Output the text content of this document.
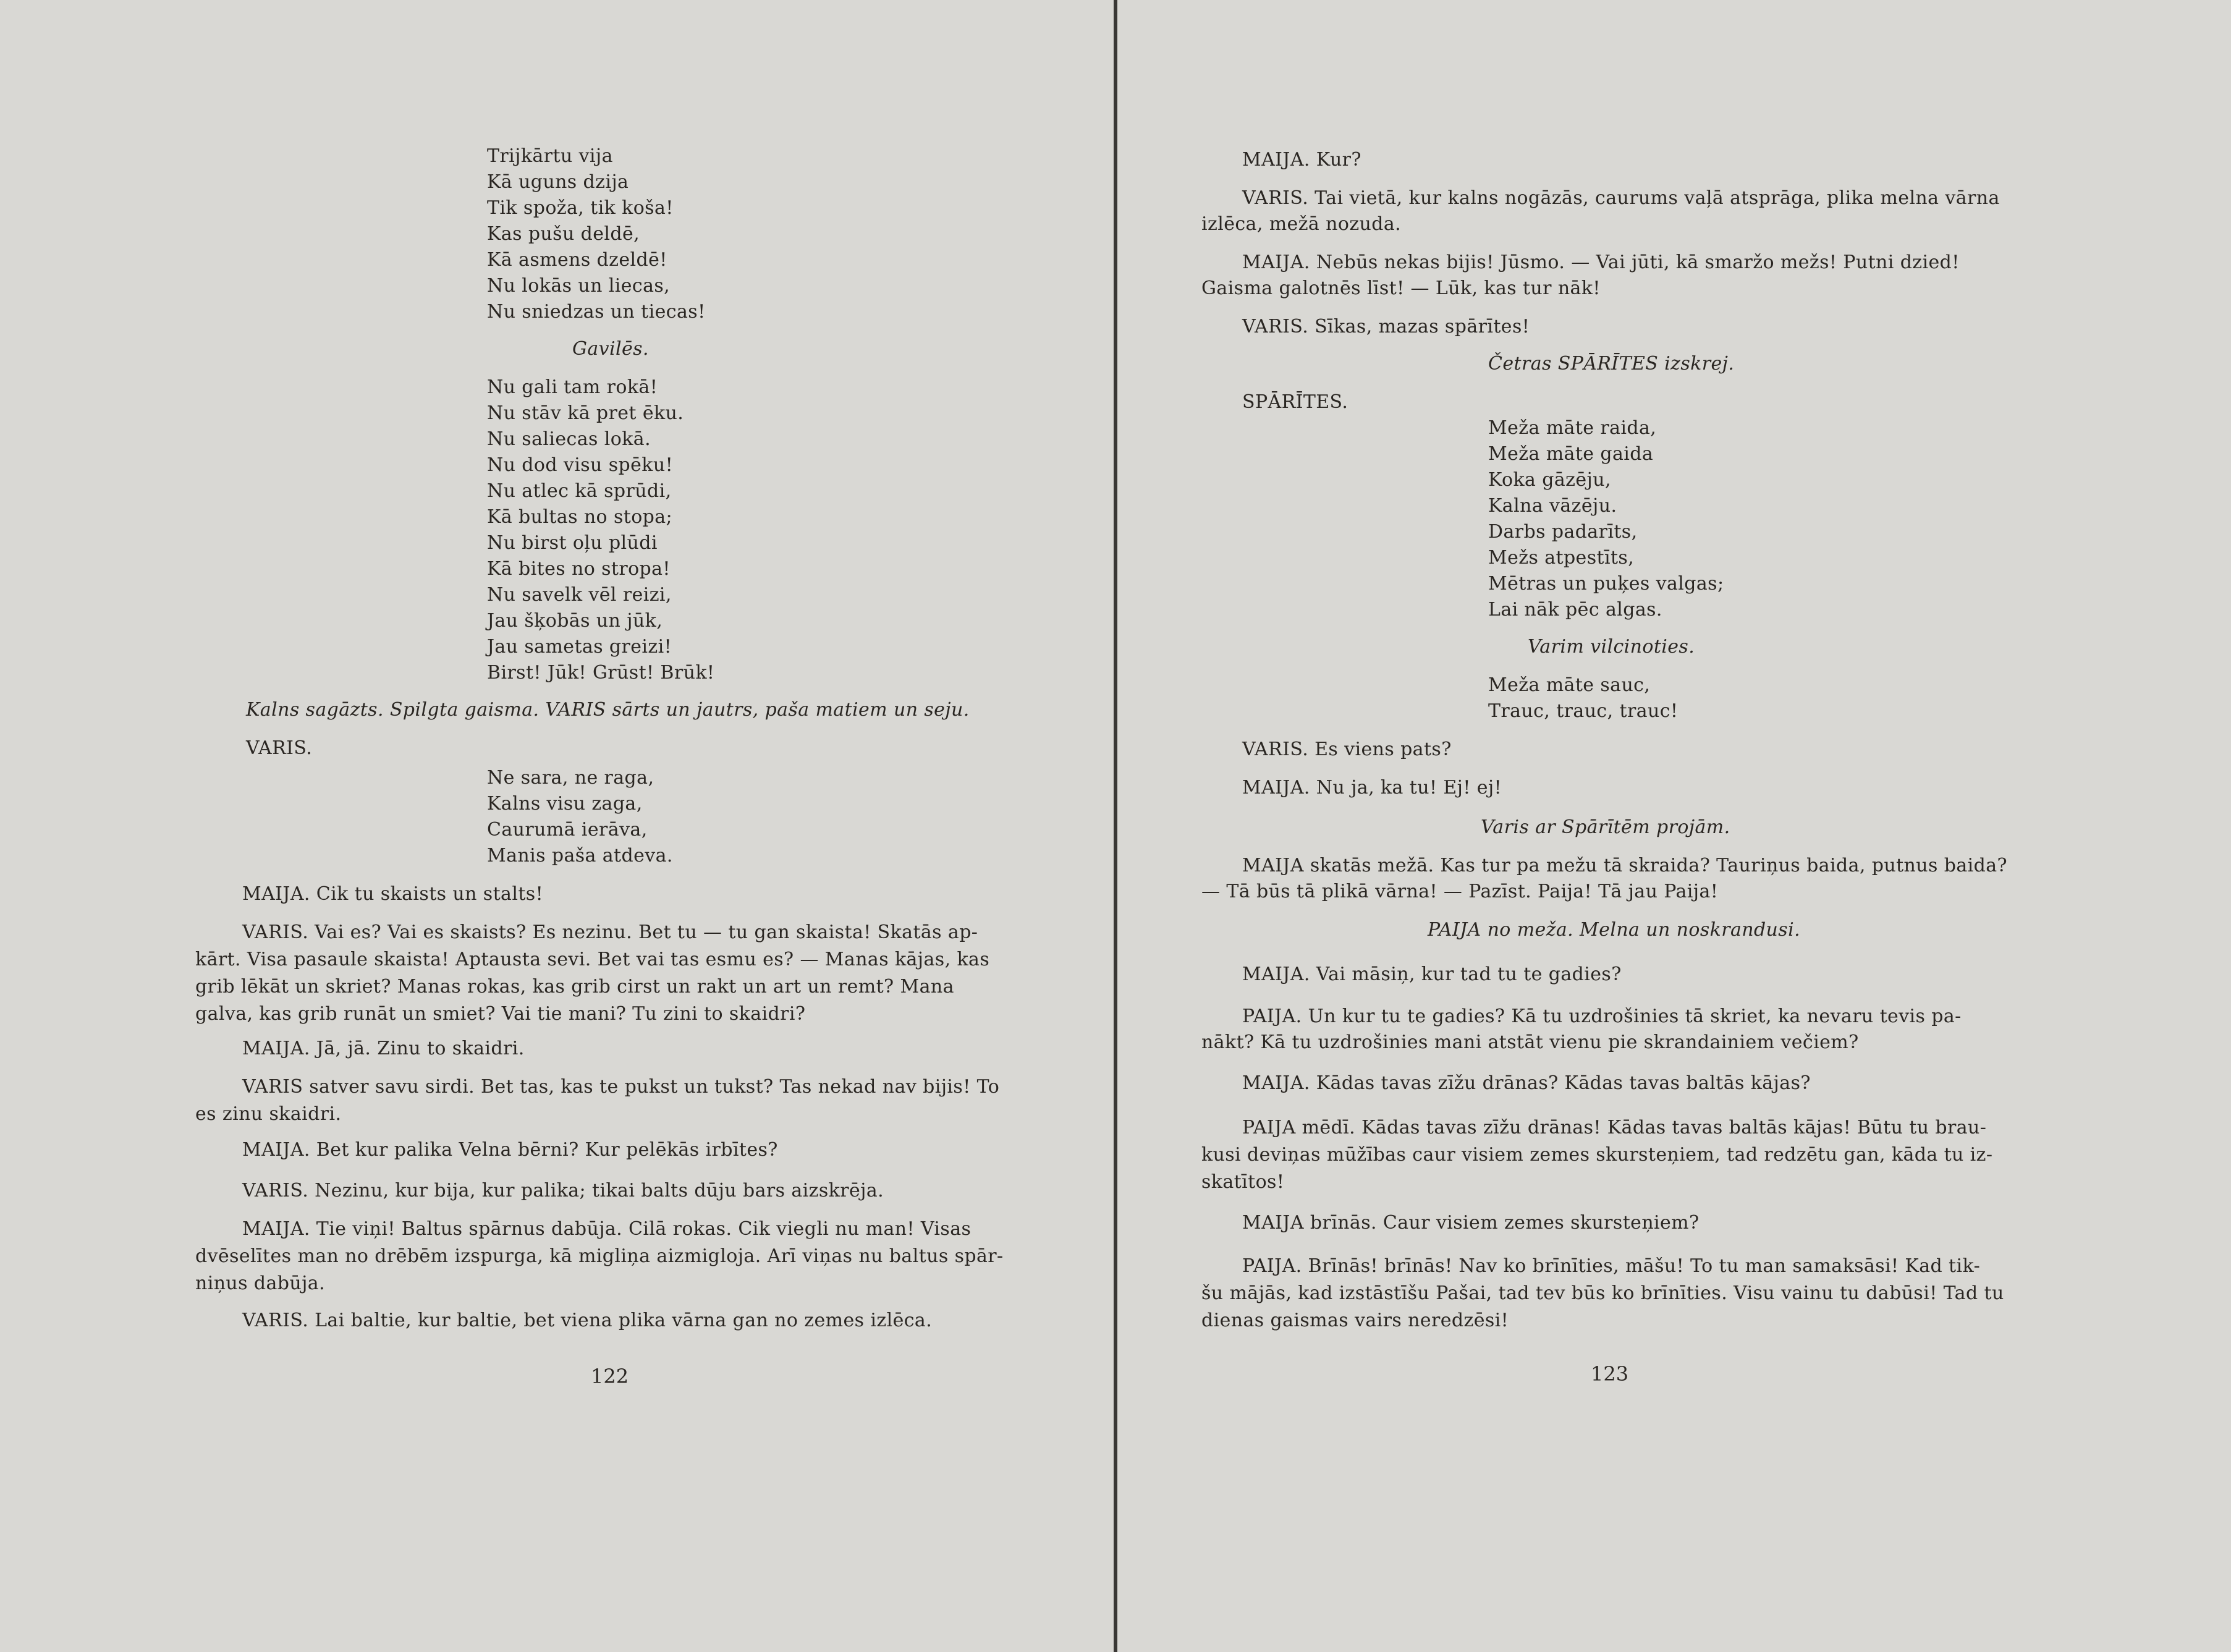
Trijkārtu vija
Kā uguns dzija
Tik spoža, tik koša!
Kas pušu deldē,
Kā asmens dzeldē!
Nu lokās un liecas,
Nu sniedzas un tiecas!
Gavilēs.
Nu gali tam rokā!
Nu stāv kā pret ēku.
Nu saliecas lokā.
Nu dod visu spēku!
Nu atlec kā sprūdi,
Kā bultas no stopa;
Nu birst oļu plūdi
Kā bites no stropa!
Nu savelk vēl reizi,
Jau šķobās un jūk,
Jau sametas greizi!
Birst! Jūk! Grūst! Brūk!
Kalns sagāzts. Spilgta gaisma. VARIS sārts un jautrs, paša matiem un seju.
VARIS.
Ne sara, ne raga,
Kalns visu zaga,
Caurumā ierāva,
Manis paša atdeva.
MAIJA. Cik tu skaists un stalts!
VARIS. Vai es? Vai es skaists? Es nezinu. Bet tu — tu gan skaista! Skatās ap-
kārt. Visa pasaule skaista! Aptausta sevi. Bet vai tas esmu es? — Manas kājas, kas
grib lēkāt un skriet? Manas rokas, kas grib cirst un rakt un art un remt? Mana
galva, kas grib runāt un smiet? Vai tie mani? Tu zini to skaidri?
MAIJA. Jā, jā. Zinu to skaidri.
VARIS satver savu sirdi. Bet tas, kas te pukst un tukst? Tas nekad nav bijis! To
es zinu skaidri.
MAIJA. Bet kur palika Velna bērni? Kur pelēkās irbītes?
VARIS. Nezinu, kur bija, kur palika; tikai balts dūju bars aizskrēja.
MAIJA. Tie viņi! Baltus spārnus dabūja. Cilā rokas. Cik viegli nu man! Visas
dvēselītes man no drēbēm izspurga, kā migliņa aizmigloja. Arī viņas nu baltus spār-
niņus dabūja.
VARIS. Lai baltie, kur baltie, bet viena plika vārna gan no zemes izlēca.
122
MAIJA. Kur?
VARIS. Tai vietā, kur kalns nogāzās, caurums vaļā atsprāga, plika melna vārna
izlēca, mežā nozuda.
MAIJA. Nebūs nekas bijis! Jūsmo. — Vai jūti, kā smaržo mežs! Putni dzied!
Gaisma galotnēs līst! — Lūk, kas tur nāk!
VARIS. Sīkas, mazas spārītes!
Četras SPĀRĪTES izskrej.
SPĀRĪTES.
Meža māte raida,
Meža māte gaida
Koka gāzēju,
Kalna vāzēju.
Darbs padarīts,
Mežs atpestīts,
Mētras un puķes valgas;
Lai nāk pēc algas.
Varim vilcinoties.
Meža māte sauc,
Trauc, trauc, trauc!
VARIS. Es viens pats?
MAIJA. Nu ja, ka tu! Ej! ej!
Varis ar Spārītēm projām.
MAIJA skatās mežā. Kas tur pa mežu tā skraida? Tauriņus baida, putnus baida?
— Tā būs tā plikā vārna! — Pazīst. Paija! Tā jau Paija!
PAIJA no meža. Melna un noskrandusi.
MAIJA. Vai māsiņ, kur tad tu te gadies?
PAIJA. Un kur tu te gadies? Kā tu uzdrošinies tā skriet, ka nevaru tevis pa-
nākt? Kā tu uzdrošinies mani atstāt vienu pie skrandainiem večiem?
MAIJA. Kādas tavas zīžu drānas? Kādas tavas baltās kājas?
PAIJA mēdī. Kādas tavas zīžu drānas! Kādas tavas baltās kājas! Būtu tu brau-
kusi deviņas mūžības caur visiem zemes skursteņiem, tad redzētu gan, kāda tu iz-
skatītos!
MAIJA brīnās. Caur visiem zemes skursteņiem?
PAIJA. Brīnās! brīnās! Nav ko brīnīties, māšu! To tu man samaksāsi! Kad tik-
šu mājās, kad izstāstīšu Pašai, tad tev būs ko brīnīties. Visu vainu tu dabūsi! Tad tu
dienas gaismas vairs neredzēsi!
123
